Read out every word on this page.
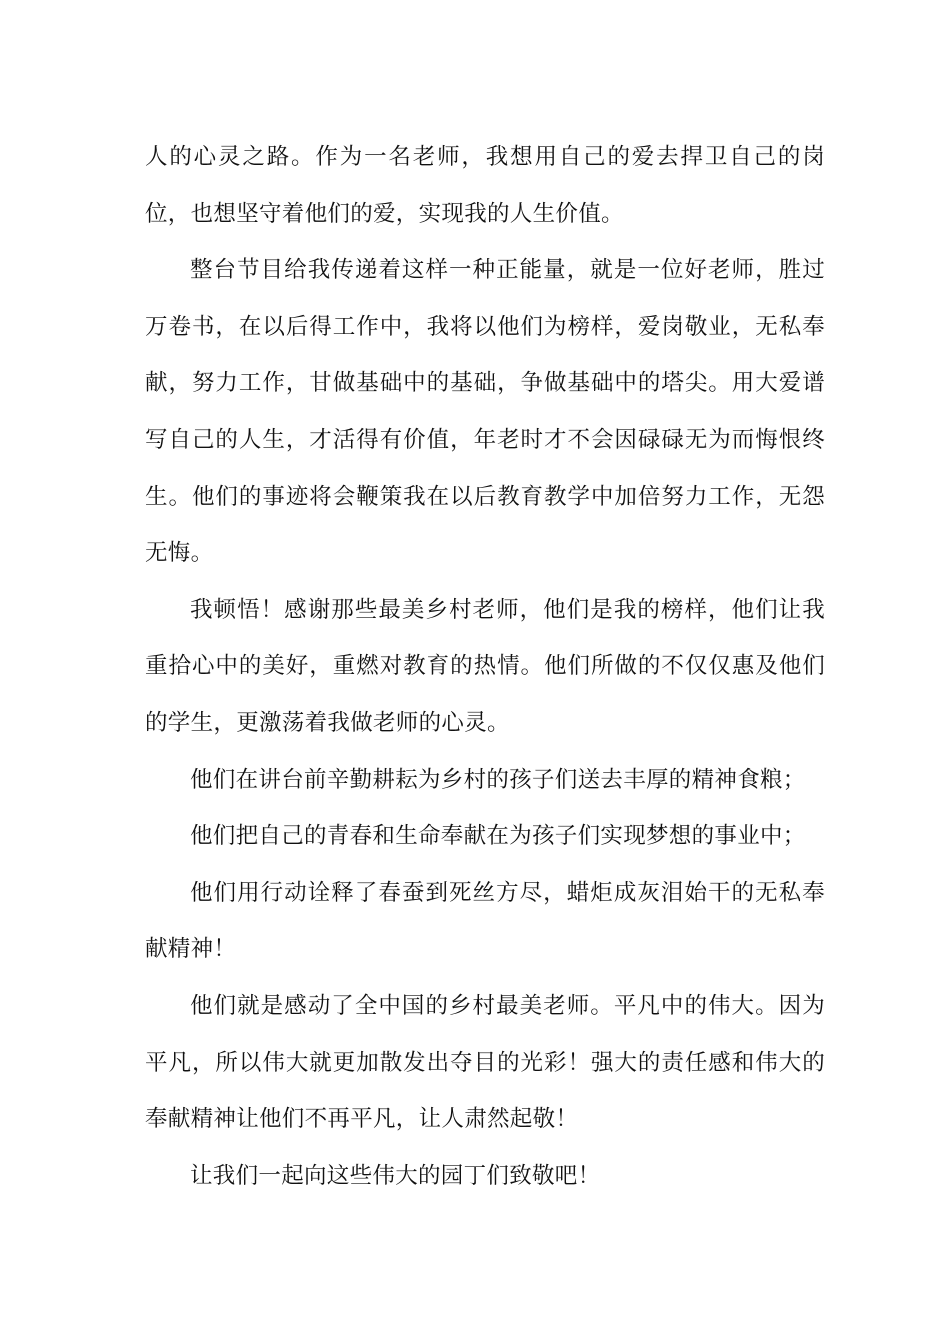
人的心灵之路。作为一名老师，我想用自己的爱去捍卫自己的岗位，也想坚守着他们的爱，实现我的人生价值。

整台节目给我传递着这样一种正能量，就是一位好老师，胜过万卷书，在以后得工作中，我将以他们为榜样，爱岗敬业，无私奉献，努力工作，甘做基础中的基础，争做基础中的塔尖。用大爱谱写自己的人生，才活得有价值，年老时才不会因碌碌无为而悔恨终生。他们的事迹将会鞭策我在以后教育教学中加倍努力工作，无怨无悔。

我顿悟！感谢那些最美乡村老师，他们是我的榜样，他们让我重拾心中的美好，重燃对教育的热情。他们所做的不仅仅惠及他们的学生，更激荡着我做老师的心灵。

他们在讲台前辛勤耕耘为乡村的孩子们送去丰厚的精神食粮；

他们把自己的青春和生命奉献在为孩子们实现梦想的事业中；

他们用行动诠释了春蚕到死丝方尽，蜡炬成灰泪始干的无私奉献精神！

他们就是感动了全中国的乡村最美老师。平凡中的伟大。因为平凡，所以伟大就更加散发出夺目的光彩！强大的责任感和伟大的奉献精神让他们不再平凡，让人肃然起敬！

让我们一起向这些伟大的园丁们致敬吧！
